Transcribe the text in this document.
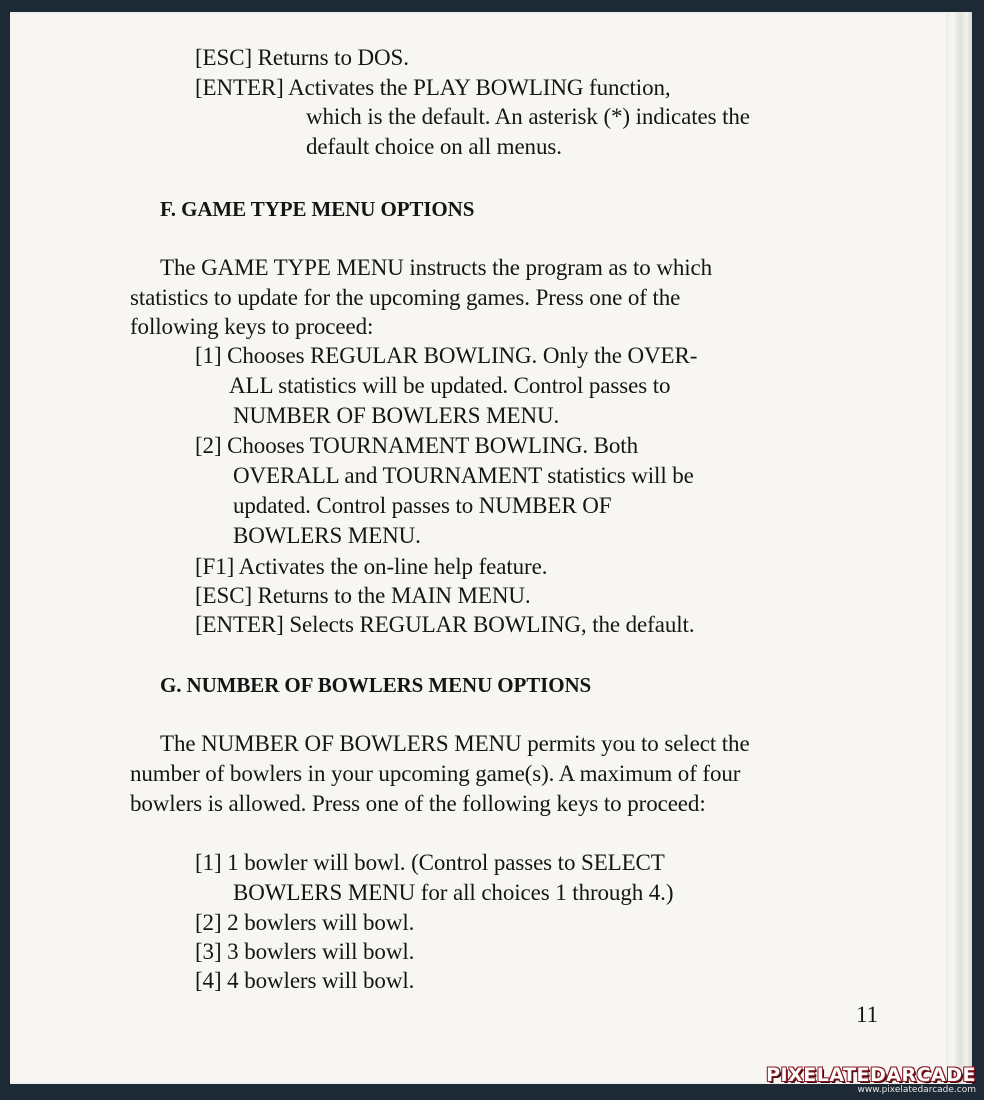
[ESC] Returns to DOS.
[ENTER] Activates the PLAY BOWLING function,
which is the default. An asterisk (*) indicates the
default choice on all menus.
F. GAME TYPE MENU OPTIONS
The GAME TYPE MENU instructs the program as to which
statistics to update for the upcoming games. Press one of the
following keys to proceed:
[1] Chooses REGULAR BOWLING. Only the OVER-
ALL statistics will be updated. Control passes to
NUMBER OF BOWLERS MENU.
[2] Chooses TOURNAMENT BOWLING. Both
OVERALL and TOURNAMENT statistics will be
updated. Control passes to NUMBER OF
BOWLERS MENU.
[F1] Activates the on-line help feature.
[ESC] Returns to the MAIN MENU.
[ENTER] Selects REGULAR BOWLING, the default.
G. NUMBER OF BOWLERS MENU OPTIONS
The NUMBER OF BOWLERS MENU permits you to select the
number of bowlers in your upcoming game(s). A maximum of four
bowlers is allowed. Press one of the following keys to proceed:
[1] 1 bowler will bowl. (Control passes to SELECT
BOWLERS MENU for all choices 1 through 4.)
[2] 2 bowlers will bowl.
[3] 3 bowlers will bowl.
[4] 4 bowlers will bowl.
11
PIXELATEDARCADE
www.pixelatedarcade.com
